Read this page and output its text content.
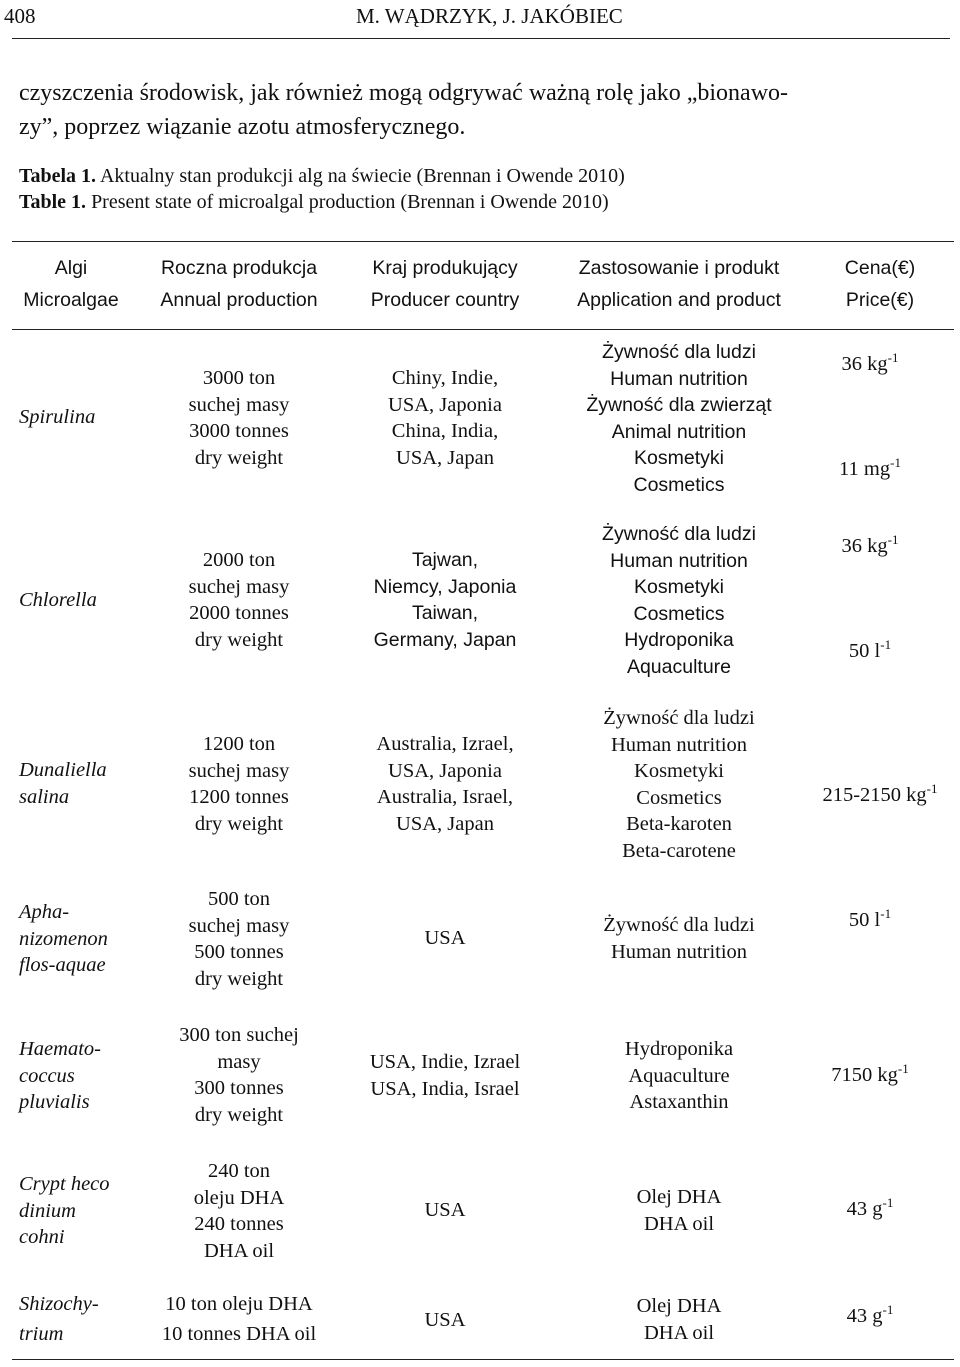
408	M. WĄDRZYK, J. JAKÓBIEC
czyszczenia środowisk, jak również mogą odgrywać ważną rolę jako „bionawo-
zy”, poprzez wiązanie azotu atmosferycznego.
Tabela 1. Aktualny stan produkcji alg na świecie (Brennan i Owende 2010)
Table 1. Present state of microalgal production (Brennan i Owende 2010)
Algi
Microalgae
Roczna produkcja
Annual production
Kraj produkujący
Producer country
Zastosowanie i produkt
Application and product
Cena(€)
Price(€)
Spirulina
3000 ton
suchej masy
3000 tonnes
dry weight
Chiny, Indie,
USA, Japonia
China, India,
USA, Japan
Żywność dla ludzi
Human nutrition
Żywność dla zwierząt
Animal nutrition
Kosmetyki
Cosmetics
36 $kg^{-1}$
11 $mg^{-1}$
Chlorella
2000 ton
suchej masy
2000 tonnes
dry weight
Tajwan,
Niemcy, Japonia
Taiwan,
Germany, Japan
Żywność dla ludzi
Human nutrition
Kosmetyki
Cosmetics
Hydroponika
Aquaculture
36 $kg^{-1}$
50 $l^{-1}$
Dunaliella
salina
1200 ton
suchej masy
1200 tonnes
dry weight
Australia, Izrael,
USA, Japonia
Australia, Israel,
USA, Japan
Żywność dla ludzi
Human nutrition
Kosmetyki
Cosmetics
Beta-karoten
Beta-carotene
215-2150 $kg^{-1}$
Apha-
nizomenon
flos-aquae
500 ton
suchej masy
500 tonnes
dry weight
USA
Żywność dla ludzi
Human nutrition
50 $l^{-1}$
Haemato-
coccus
pluvialis
300 ton suchej
masy
300 tonnes
dry weight
USA, Indie, Izrael
USA, India, Israel
Hydroponika
Aquaculture
Astaxanthin
7150 $kg^{-1}$
Crypt heco
dinium
cohni
240 ton
oleju DHA
240 tonnes
DHA oil
USA
Olej DHA
DHA oil
43 $g^{-1}$
Shizochy-
trium
10 ton oleju DHA
10 tonnes DHA oil
USA
Olej DHA
DHA oil
43 $g^{-1}$
